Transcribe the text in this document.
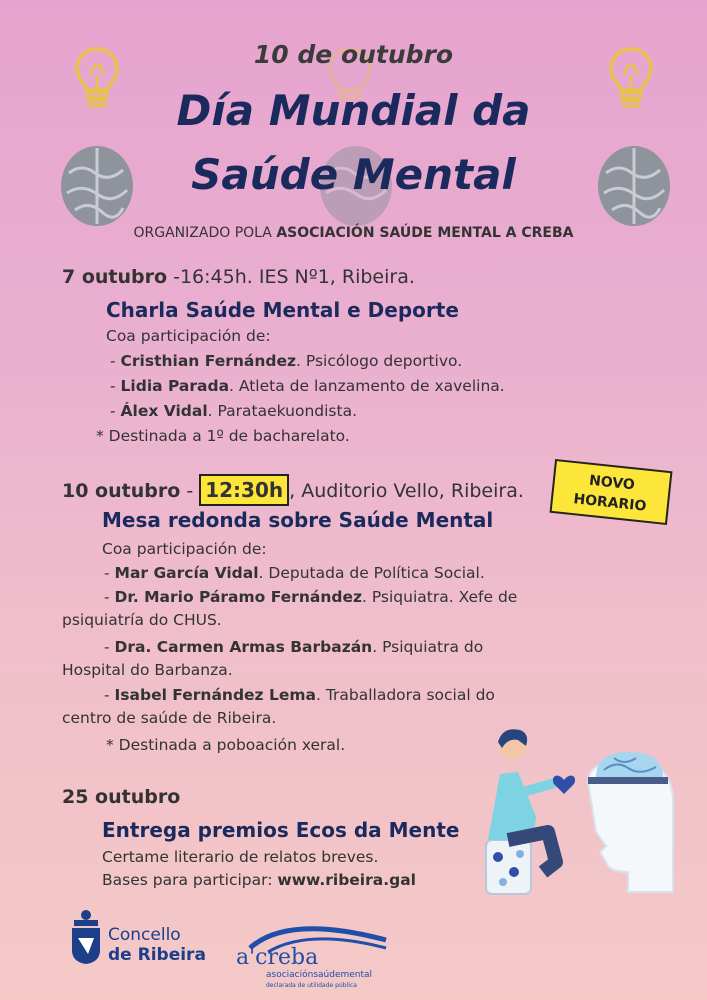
10 de outubro
Día Mundial da
Saúde Mental
ORGANIZADO POLA ASOCIACIÓN SAÚDE MENTAL A CREBA
7 outubro -16:45h. IES Nº1, Ribeira.
Charla Saúde Mental e Deporte
Coa participación de:
- Cristhian Fernández. Psicólogo deportivo.
- Lidia Parada. Atleta de lanzamento de xavelina.
- Álex Vidal. Parataekuondista.
* Destinada a 1º de bacharelato.
10 outubro - 12:30h , Auditorio Vello, Ribeira.	NOVO
HORARIO
Mesa redonda sobre Saúde Mental
Coa participación de:
- Mar García Vidal. Deputada de Política Social.
- Dr. Mario Páramo Fernández. Psiquiatra. Xefe de
psiquiatría do CHUS.
- Dra. Carmen Armas Barbazán. Psiquiatra do
Hospital do Barbanza.
- Isabel Fernández Lema. Traballadora social do
centro de saúde de Ribeira.
* Destinada a poboación xeral.
25 outubro
Entrega premios Ecos da Mente
Certame literario de relatos breves.
Bases para participar: www.ribeira.gal
Concello
de Ribeira a'creba
asociaciónsaúdemental
declarada de utilidade pública
